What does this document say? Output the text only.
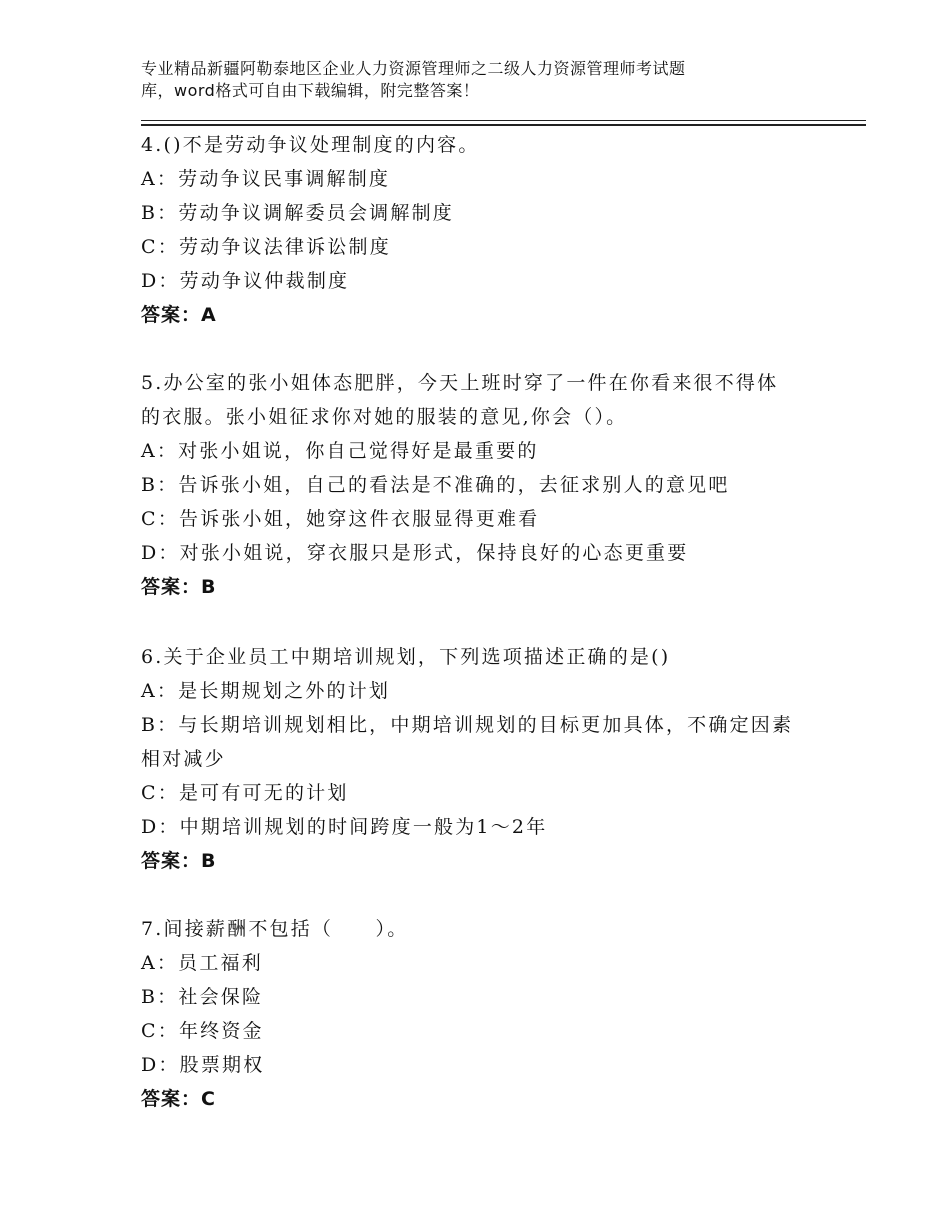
专业精品新疆阿勒泰地区企业人力资源管理师之二级人力资源管理师考试题
库，word格式可自由下载编辑，附完整答案！
4.()不是劳动争议处理制度的内容。
A：劳动争议民事调解制度
B：劳动争议调解委员会调解制度
C：劳动争议法律诉讼制度
D：劳动争议仲裁制度
答案：A
5.办公室的张小姐体态肥胖，今天上班时穿了一件在你看来很不得体
的衣服。张小姐征求你对她的服装的意见,你会（）。
A：对张小姐说，你自己觉得好是最重要的
B：告诉张小姐，自己的看法是不准确的，去征求别人的意见吧
C：告诉张小姐，她穿这件衣服显得更难看
D：对张小姐说，穿衣服只是形式，保持良好的心态更重要
答案：B
6.关于企业员工中期培训规划，下列选项描述正确的是()
A：是长期规划之外的计划
B：与长期培训规划相比，中期培训规划的目标更加具体，不确定因素
相对减少
C：是可有可无的计划
D：中期培训规划的时间跨度一般为1～2年
答案：B
7.间接薪酬不包括（　　）。
A：员工福利
B：社会保险
C：年终资金
D：股票期权
答案：C
